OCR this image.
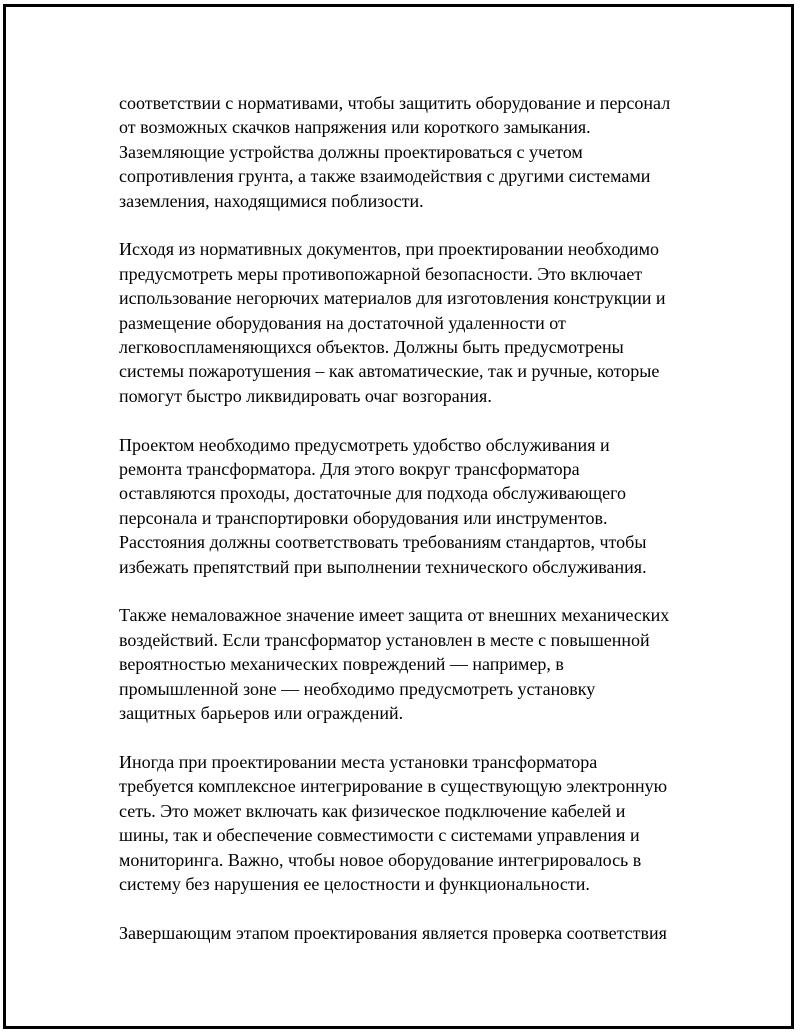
соответствии с нормативами, чтобы защитить оборудование и персонал
от возможных скачков напряжения или короткого замыкания.
Заземляющие устройства должны проектироваться с учетом
сопротивления грунта, а также взаимодействия с другими системами
заземления, находящимися поблизости.

Исходя из нормативных документов, при проектировании необходимо
предусмотреть меры противопожарной безопасности. Это включает
использование негорючих материалов для изготовления конструкции и
размещение оборудования на достаточной удаленности от
легковоспламеняющихся объектов. Должны быть предусмотрены
системы пожаротушения – как автоматические, так и ручные, которые
помогут быстро ликвидировать очаг возгорания.

Проектом необходимо предусмотреть удобство обслуживания и
ремонта трансформатора. Для этого вокруг трансформатора
оставляются проходы, достаточные для подхода обслуживающего
персонала и транспортировки оборудования или инструментов.
Расстояния должны соответствовать требованиям стандартов, чтобы
избежать препятствий при выполнении технического обслуживания.

Также немаловажное значение имеет защита от внешних механических
воздействий. Если трансформатор установлен в месте с повышенной
вероятностью механических повреждений — например, в
промышленной зоне — необходимо предусмотреть установку
защитных барьеров или ограждений.

Иногда при проектировании места установки трансформатора
требуется комплексное интегрирование в существующую электронную
сеть. Это может включать как физическое подключение кабелей и
шины, так и обеспечение совместимости с системами управления и
мониторинга. Важно, чтобы новое оборудование интегрировалось в
систему без нарушения ее целостности и функциональности.

Завершающим этапом проектирования является проверка соответствия
